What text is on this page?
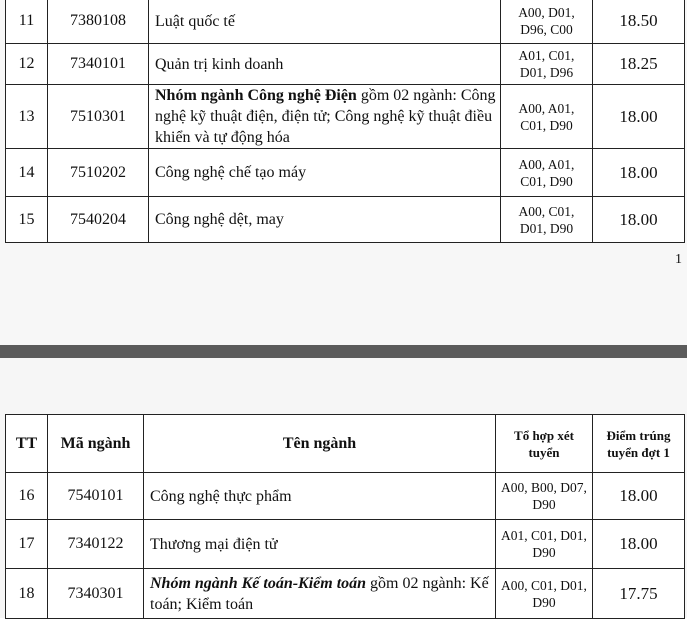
11	7380108	Luật quốc tế	A00, D01, D96, C00	18.50
12	7340101	Quản trị kinh doanh	A01, C01, D01, D96	18.25
13	7510301	Nhóm ngành Công nghệ Điện gồm 02 ngành: Công nghệ kỹ thuật điện, điện tử; Công nghệ kỹ thuật điều khiển và tự động hóa	A00, A01, C01, D90	18.00
14	7510202	Công nghệ chế tạo máy	A00, A01, C01, D90	18.00
15	7540204	Công nghệ dệt, may	A00, C01, D01, D90	18.00
1
TT	Mã ngành	Tên ngành	Tổ hợp xét tuyển	Điểm trúng tuyển đợt 1
16	7540101	Công nghệ thực phẩm	A00, B00, D07, D90	18.00
17	7340122	Thương mại điện tử	A01, C01, D01, D90	18.00
18	7340301	Nhóm ngành Kế toán-Kiểm toán gồm 02 ngành: Kế toán; Kiểm toán	A00, C01, D01, D90	17.75
